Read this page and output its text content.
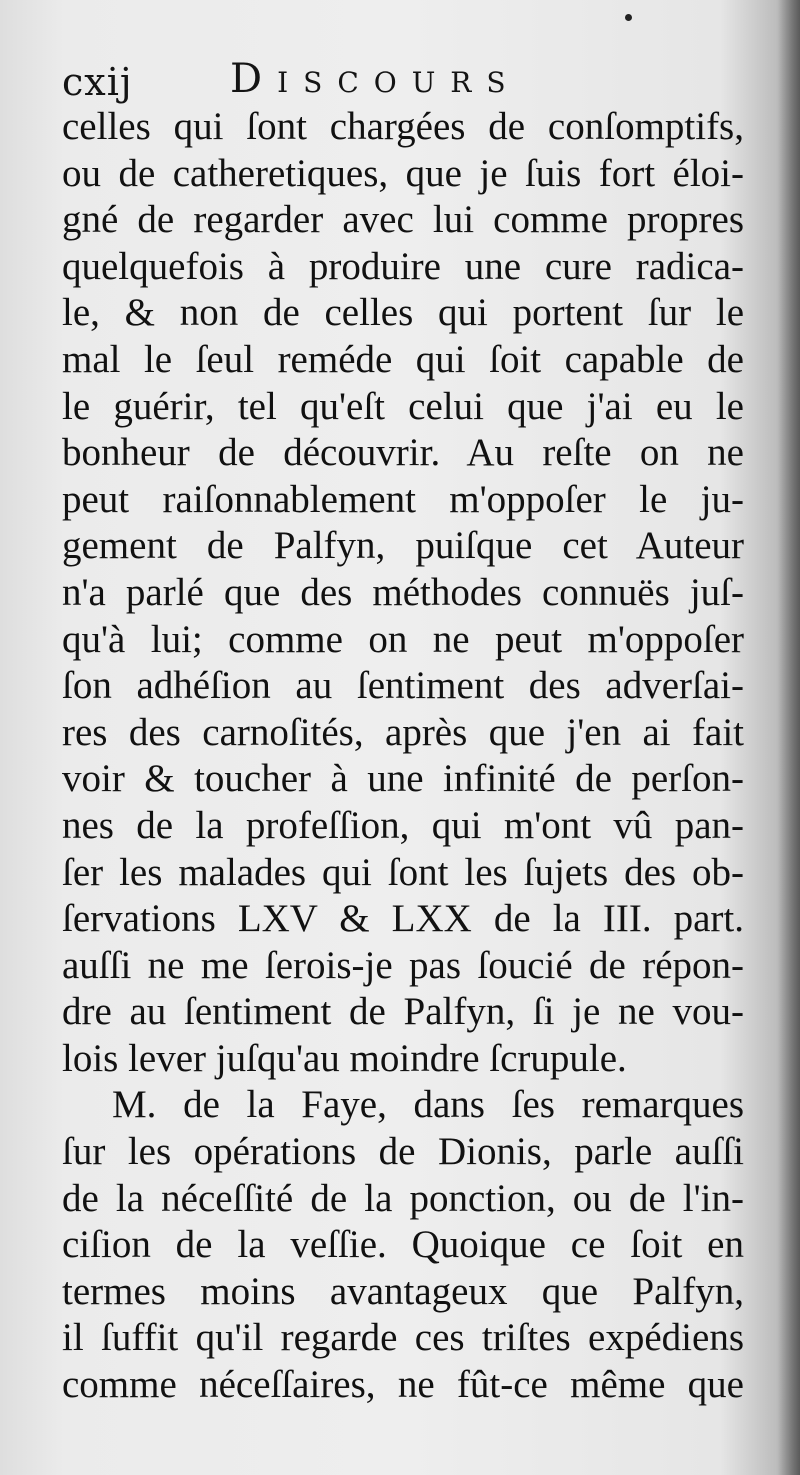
cxij Discours
celles qui ſont chargées de conſomptifs,
ou de catheretiques, que je ſuis fort éloi-
gné de regarder avec lui comme propres
quelquefois à produire une cure radica-
le, & non de celles qui portent ſur le
mal le ſeul reméde qui ſoit capable de
le guérir, tel qu'eſt celui que j'ai eu le
bonheur de découvrir. Au reſte on ne
peut raiſonnablement m'oppoſer le ju-
gement de Palfyn, puiſque cet Auteur
n'a parlé que des méthodes connuës juſ-
qu'à lui; comme on ne peut m'oppoſer
ſon adhéſion au ſentiment des adverſai-
res des carnoſités, après que j'en ai fait
voir & toucher à une infinité de perſon-
nes de la profeſſion, qui m'ont vû pan-
ſer les malades qui ſont les ſujets des ob-
ſervations LXV & LXX de la III. part.
auſſi ne me ſerois-je pas ſoucié de répon-
dre au ſentiment de Palfyn, ſi je ne vou-
lois lever juſqu'au moindre ſcrupule.
M. de la Faye, dans ſes remarques
ſur les opérations de Dionis, parle auſſi
de la néceſſité de la ponction, ou de l'in-
ciſion de la veſſie. Quoique ce ſoit en
termes moins avantageux que Palfyn,
il ſuffit qu'il regarde ces triſtes expédiens
comme néceſſaires, ne fût-ce même que
